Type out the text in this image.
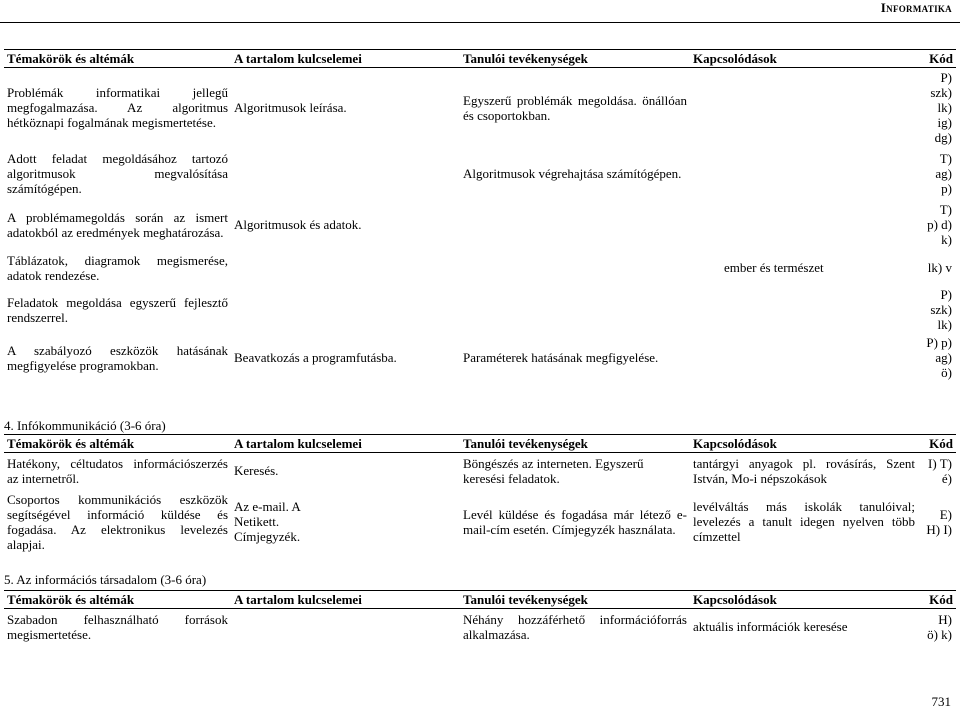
Informatika
Témakörök és altémák	A tartalom kulcselemei	Tanulói tevékenységek	Kapcsolódások	Kód
Problémák informatikai jellegű megfogalmazása. Az algoritmus hétköznapi fogalmának megismertetése.	Algoritmusok leírása.	Egyszerű problémák megoldása. önállóan és csoportokban.		P)
szk)
lk)
ig)
dg)

Adott feladat megoldásához tartozó algoritmusok megvalósítása számítógépen.		Algoritmusok végrehajtása számítógépen.		T)
ag)
p)

A problémamegoldás során az ismert adatokból az eredmények meghatározása.	Algoritmusok és adatok.			T)
p) d)
k)

Táblázatok, diagramok megismerése, adatok rendezése.			ember és természet	lk) v

Feladatok megoldása egyszerű fejlesztő rendszerrel.				P)
szk)
lk)

A szabályozó eszközök hatásának megfigyelése programokban.	Beavatkozás a programfutásba.	Paraméterek hatásának megfigyelése.		P) p)
ag)
ö)
4. Infókommunikáció (3-6 óra)
Témakörök és altémák	A tartalom kulcselemei	Tanulói tevékenységek	Kapcsolódások	Kód
Hatékony, céltudatos információszerzés az internetről.	Keresés.	Böngészés az interneten. Egyszerű keresési feladatok.	tantárgyi anyagok pl. rovásírás, Szent István, Mo-i népszokások	I) T)
é)

Csoportos kommunikációs eszközök segítségével információ küldése és fogadása. Az elektronikus levelezés alapjai.	Az e-mail. A Netikett. Címjegyzék.	Levél küldése és fogadása már létező e-mail-cím esetén. Címjegyzék használata.	levélváltás más iskolák tanulóival; levelezés a tanult idegen nyelven több címzettel	E)
H) I)
5. Az információs társadalom (3-6 óra)
Témakörök és altémák	A tartalom kulcselemei	Tanulói tevékenységek	Kapcsolódások	Kód
Szabadon felhasználható források megismertetése.		Néhány hozzáférhető információforrás alkalmazása.	aktuális információk keresése	H)
ö) k)
731
